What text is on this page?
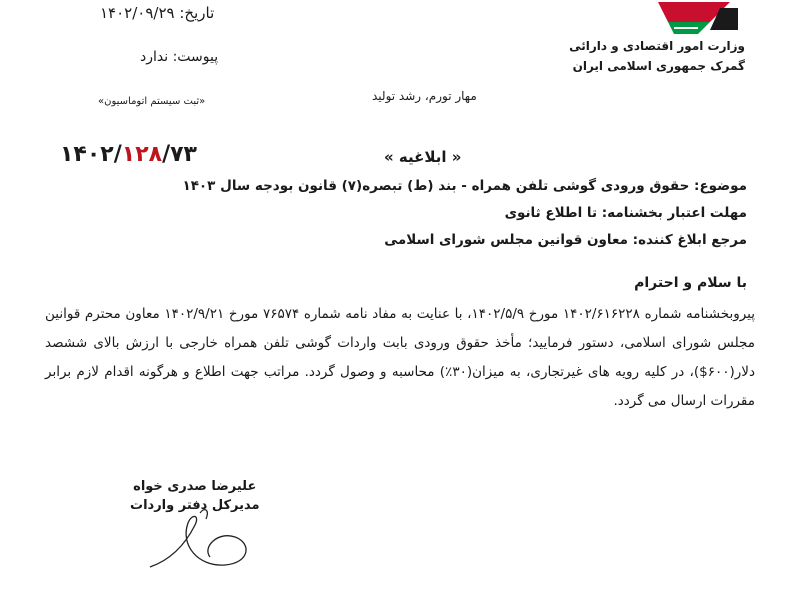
وزارت امور اقتصادی و دارائی
گمرک جمهوری اسلامی ایران
۱۴۰۲/۰۹/۲۹ تاریخ:
پیوست: ندارد
«ثبت سیستم اتوماسیون»	مهار تورم، رشد تولید
۱۴۰۲/۱۲۸/۷۳	« ابلاغیه »
موضوع: حقوق ورودی گوشی تلفن همراه - بند (ط) تبصره(۷) قانون بودجه سال ۱۴۰۳
مهلت اعتبار بخشنامه: تا اطلاع ثانوی
مرجع ابلاغ کننده: معاون قوانین مجلس شورای اسلامی
با سلام و احترام
پیروبخشنامه شماره ۱۴۰۲/۶۱۶۲۲۸ مورخ ۱۴۰۲/۵/۹، با عنایت به مفاد نامه شماره ۷۶۵۷۴ مورخ ۱۴۰۲/۹/۲۱ معاون محترم قوانین مجلس شورای اسلامی، دستور فرمایید؛ مأخذ حقوق ورودی بابت واردات گوشی تلفن همراه خارجی با ارزش بالای ششصد دلار(۶۰۰$)، در کلیه رویه های غیرتجاری، به میزان(۳۰٪) محاسبه و وصول گردد. مراتب جهت اطلاع و هرگونه اقدام لازم برابر مقررات ارسال می گردد.
علیرضا صدری خواه
مدیرکل دفتر واردات
